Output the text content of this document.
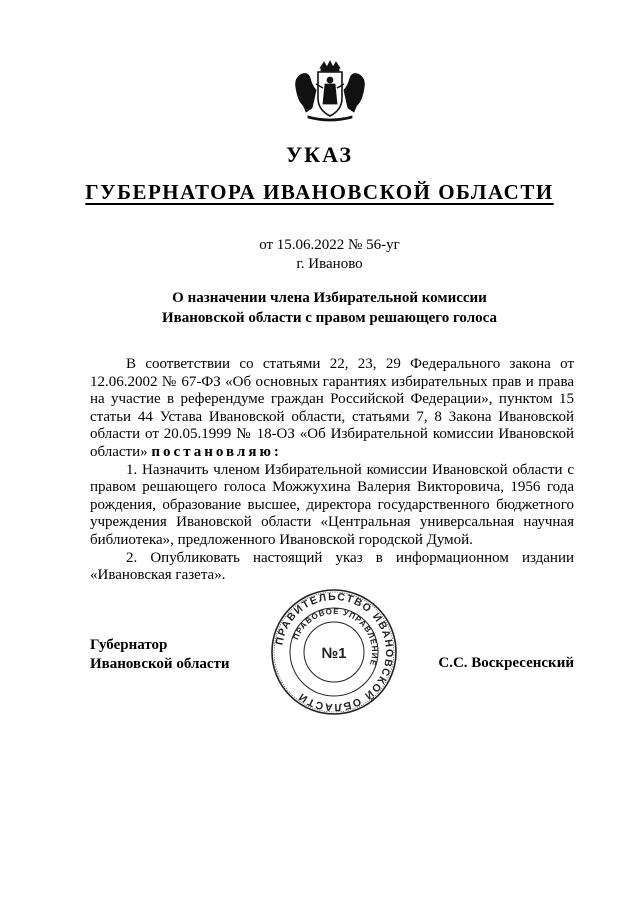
УКАЗ
ГУБЕРНАТОРА ИВАНОВСКОЙ ОБЛАСТИ
от 15.06.2022 № 56-уг
г. Иваново
О назначении члена Избирательной комиссии
Ивановской области с правом решающего голоса

В соответствии со статьями 22, 23, 29 Федерального закона от 12.06.2002 № 67-ФЗ «Об основных гарантиях избирательных прав и права на участие в референдуме граждан Российской Федерации», пунктом 15 статьи 44 Устава Ивановской области, статьями 7, 8 Закона Ивановской области от 20.05.1999 № 18-ОЗ «Об Избирательной комиссии Ивановской области» постановляю:

1. Назначить членом Избирательной комиссии Ивановской области с правом решающего голоса Можжухина Валерия Викторовича, 1956 года рождения, образование высшее, директора государственного бюджетного учреждения Ивановской области «Центральная универсальная научная библиотека», предложенного Ивановской городской Думой.

2. Опубликовать настоящий указ в информационном издании «Ивановская газета».

Губернатор
Ивановской области
ПРАВИТЕЛЬСТВО ИВАНОВСКОЙ ОБЛАСТИ
ПРАВОВОЕ УПРАВЛЕНИЕ
№1
С.С. Воскресенский
